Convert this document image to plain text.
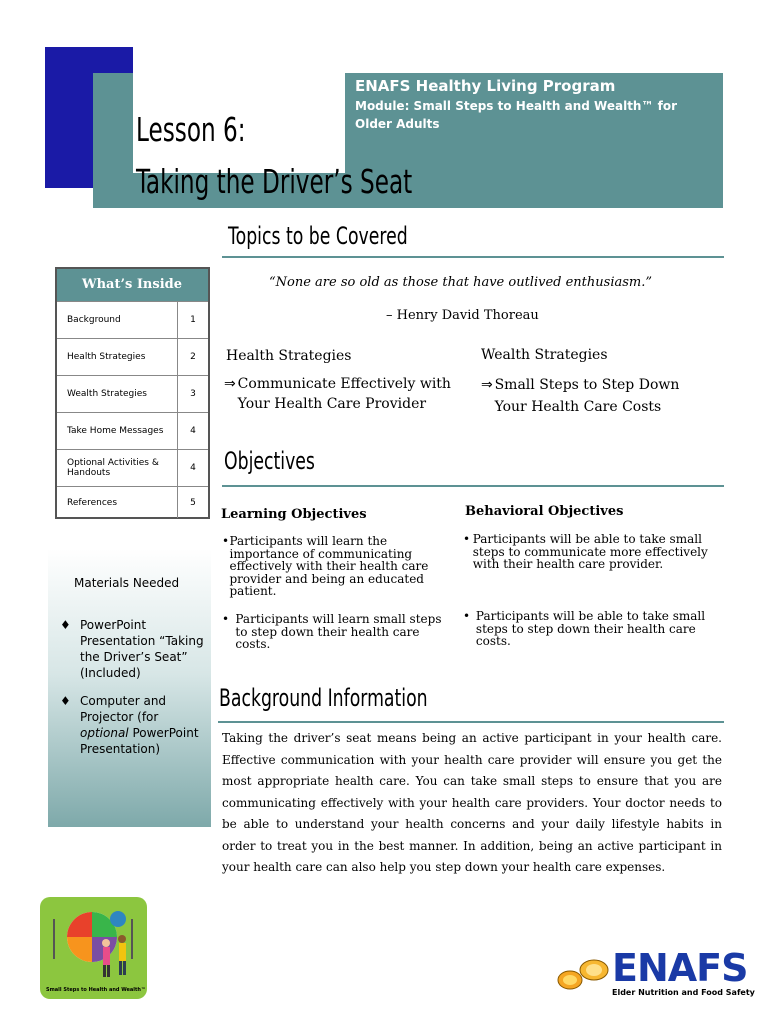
Lesson 6:
Taking the Driver’s Seat
ENAFS Healthy Living Program
Module: Small Steps to Health and Wealth™ for Older Adults
Topics to be Covered
What’s Inside
Background	1
Health Strategies	2
Wealth Strategies	3
Take Home Messages	4
Optional Activities & Handouts	4
References	5
Materials Needed
♦ PowerPoint Presentation “Taking the Driver’s Seat” (Included)
♦ Computer and Projector (for optional PowerPoint Presentation)
“None are so old as those that have outlived enthusiasm.”
– Henry David Thoreau
Health Strategies	Wealth Strategies
⇒ Communicate Effectively with Your Health Care Provider
⇒ Small Steps to Step Down Your Health Care Costs
Objectives
Learning Objectives	Behavioral Objectives
• Participants will learn the importance of communicating effectively with their health care provider and being an educated patient.
• Participants will learn small steps to step down their health care costs.
• Participants will be able to take small steps to communicate more effectively with their health care provider.
• Participants will be able to take small steps to step down their health care costs.
Background Information
Taking the driver’s seat means being an active participant in your health care. Effective communication with your health care provider will ensure you get the most appropriate health care. You can take small steps to ensure that you are communicating effectively with your health care providers. Your doctor needs to be able to understand your health concerns and your daily lifestyle habits in order to treat you in the best manner. In addition, being an active participant in your health care can also help you step down your health care expenses.
Small Steps to Health and Wealth™	ENAFS
Elder Nutrition and Food Safety
